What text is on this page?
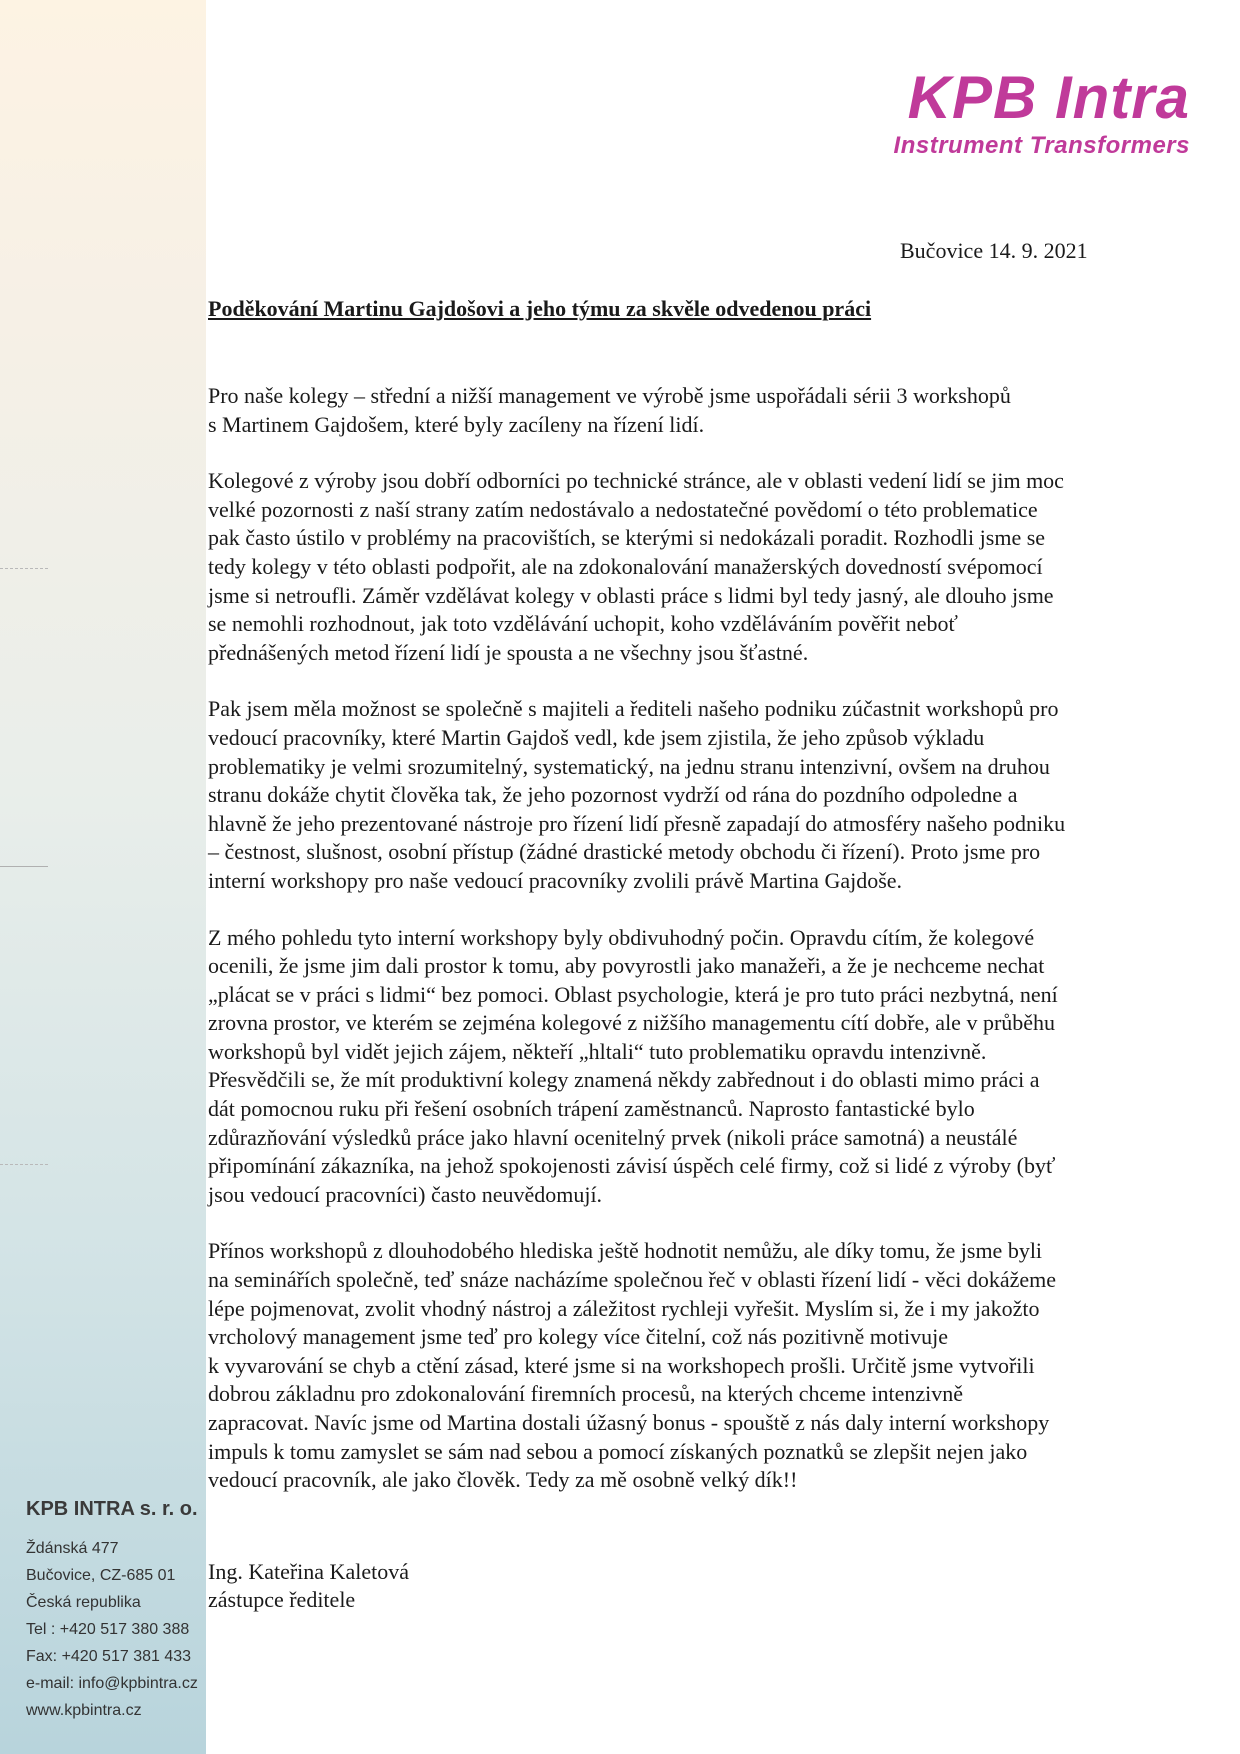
KPB Intra
Instrument Transformers
Bučovice 14. 9. 2021
Poděkování Martinu Gajdošovi a jeho týmu za skvěle odvedenou práci

Pro naše kolegy – střední a nižší management ve výrobě jsme uspořádali sérii 3 workshopů
s Martinem Gajdošem, které byly zacíleny na řízení lidí.

Kolegové z výroby jsou dobří odborníci po technické stránce, ale v oblasti vedení lidí se jim moc
velké pozornosti z naší strany zatím nedostávalo a nedostatečné povědomí o této problematice
pak často ústilo v problémy na pracovištích, se kterými si nedokázali poradit. Rozhodli jsme se
tedy kolegy v této oblasti podpořit, ale na zdokonalování manažerských dovedností svépomocí
jsme si netroufli. Záměr vzdělávat kolegy v oblasti práce s lidmi byl tedy jasný, ale dlouho jsme
se nemohli rozhodnout, jak toto vzdělávání uchopit, koho vzděláváním pověřit neboť
přednášených metod řízení lidí je spousta a ne všechny jsou šťastné.

Pak jsem měla možnost se společně s majiteli a řediteli našeho podniku zúčastnit workshopů pro
vedoucí pracovníky, které Martin Gajdoš vedl, kde jsem zjistila, že jeho způsob výkladu
problematiky je velmi srozumitelný, systematický, na jednu stranu intenzivní, ovšem na druhou
stranu dokáže chytit člověka tak, že jeho pozornost vydrží od rána do pozdního odpoledne a
hlavně že jeho prezentované nástroje pro řízení lidí přesně zapadají do atmosféry našeho podniku
– čestnost, slušnost, osobní přístup (žádné drastické metody obchodu či řízení). Proto jsme pro
interní workshopy pro naše vedoucí pracovníky zvolili právě Martina Gajdoše.

Z mého pohledu tyto interní workshopy byly obdivuhodný počin. Opravdu cítím, že kolegové
ocenili, že jsme jim dali prostor k tomu, aby povyrostli jako manažeři, a že je nechceme nechat
„plácat se v práci s lidmi“ bez pomoci. Oblast psychologie, která je pro tuto práci nezbytná, není
zrovna prostor, ve kterém se zejména kolegové z nižšího managementu cítí dobře, ale v průběhu
workshopů byl vidět jejich zájem, někteří „hltali“ tuto problematiku opravdu intenzivně.
Přesvědčili se, že mít produktivní kolegy znamená někdy zabřednout i do oblasti mimo práci a
dát pomocnou ruku při řešení osobních trápení zaměstnanců. Naprosto fantastické bylo
zdůrazňování výsledků práce jako hlavní ocenitelný prvek (nikoli práce samotná) a neustálé
připomínání zákazníka, na jehož spokojenosti závisí úspěch celé firmy, což si lidé z výroby (byť
jsou vedoucí pracovníci) často neuvědomují.

Přínos workshopů z dlouhodobého hlediska ještě hodnotit nemůžu, ale díky tomu, že jsme byli
na seminářích společně, teď snáze nacházíme společnou řeč v oblasti řízení lidí - věci dokážeme
lépe pojmenovat, zvolit vhodný nástroj a záležitost rychleji vyřešit. Myslím si, že i my jakožto
vrcholový management jsme teď pro kolegy více čitelní, což nás pozitivně motivuje
k vyvarování se chyb a ctění zásad, které jsme si na workshopech prošli. Určitě jsme vytvořili
dobrou základnu pro zdokonalování firemních procesů, na kterých chceme intenzivně
zapracovat. Navíc jsme od Martina dostali úžasný bonus - spouště z nás daly interní workshopy
impuls k tomu zamyslet se sám nad sebou a pomocí získaných poznatků se zlepšit nejen jako
vedoucí pracovník, ale jako člověk. Tedy za mě osobně velký dík!!

Ing. Kateřina Kaletová
zástupce ředitele
KPB INTRA s. r. o.
Ždánská 477
Bučovice, CZ-685 01
Česká republika
Tel : +420 517 380 388
Fax: +420 517 381 433
e-mail: info@kpbintra.cz
www.kpbintra.cz
